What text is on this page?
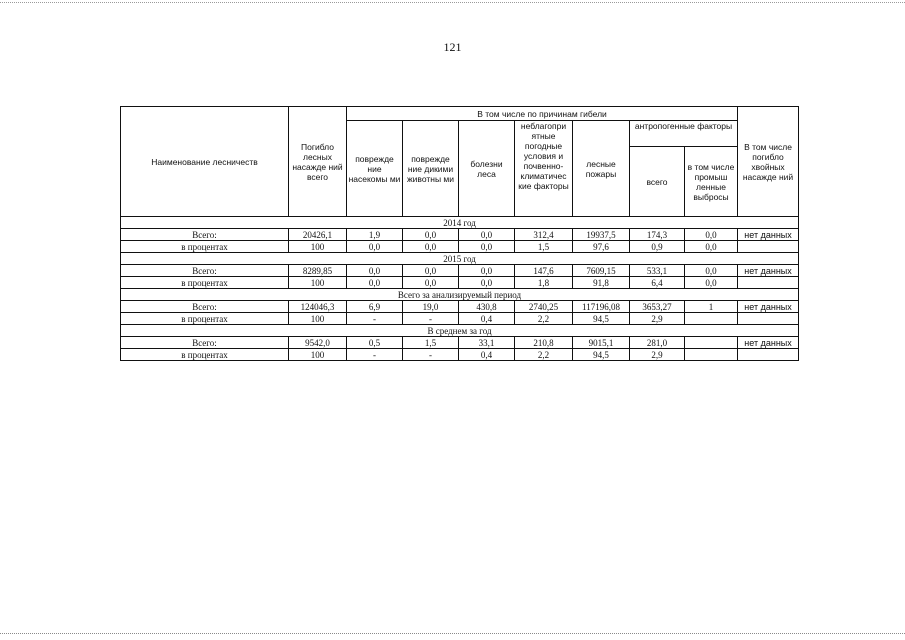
121
Наименование лесничеств	Погибло лесных насажде ний всего	В том числе по причинам гибели							В том числе погибло хвойных насажде ний
		поврежде ние насекомы ми	поврежде ние дикими животны ми	болезни леса	неблагопри ятные погодные условия и почвенно-климатичес кие факторы	лесные пожары	антропогенные факторы		
							всего	в том числе промыш ленные выбросы	
2014 год									
Всего:	20426,1	1,9	0,0	0,0	312,4	19937,5	174,3	0,0	нет данных
в процентах	100	0,0	0,0	0,0	1,5	97,6	0,9	0,0	
2015 год									
Всего:	8289,85	0,0	0,0	0,0	147,6	7609,15	533,1	0,0	нет данных
в процентах	100	0,0	0,0	0,0	1,8	91,8	6,4	0,0	
Всего за анализируемый период									
Всего:	124046,3	6,9	19,0	430,8	2740,25	117196,08	3653,27	1	нет данных
в процентах	100	-	-	0,4	2,2	94,5	2,9		
В среднем за год									
Всего:	9542,0	0,5	1,5	33,1	210,8	9015,1	281,0		нет данных
в процентах	100	-	-	0,4	2,2	94,5	2,9		
